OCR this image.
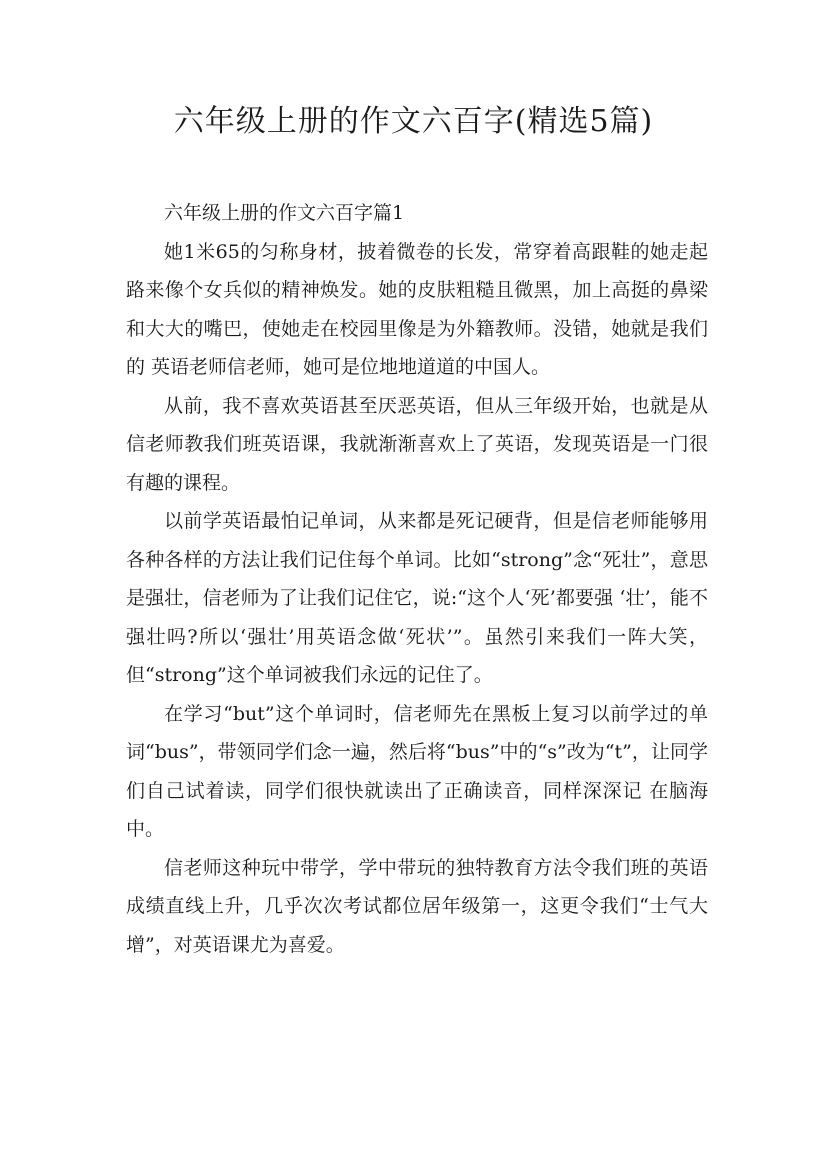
六年级上册的作文六百字(精选5篇)

六年级上册的作文六百字篇1

她1米65的匀称身材，披着微卷的长发，常穿着高跟鞋的她走起路来像个女兵似的精神焕发。她的皮肤粗糙且微黑，加上高挺的鼻梁和大大的嘴巴，使她走在校园里像是为外籍教师。没错，她就是我们的 英语老师信老师，她可是位地地道道的中国人。

从前，我不喜欢英语甚至厌恶英语，但从三年级开始，也就是从信老师教我们班英语课，我就渐渐喜欢上了英语，发现英语是一门很有趣的课程。

以前学英语最怕记单词，从来都是死记硬背，但是信老师能够用各种各样的方法让我们记住每个单词。比如“strong”念“死壮”，意思是强壮，信老师为了让我们记住它，说:“这个人‘死’都要强 ‘壮’，能不强壮吗?所以‘强壮’用英语念做‘死状’”。虽然引来我们一阵大笑，但“strong”这个单词被我们永远的记住了。

在学习“but”这个单词时，信老师先在黑板上复习以前学过的单词“bus”，带领同学们念一遍，然后将“bus”中的“s”改为“t”，让同学们自己试着读，同学们很快就读出了正确读音，同样深深记 在脑海中。

信老师这种玩中带学，学中带玩的独特教育方法令我们班的英语成绩直线上升，几乎次次考试都位居年级第一，这更令我们“士气大增”，对英语课尤为喜爱。
